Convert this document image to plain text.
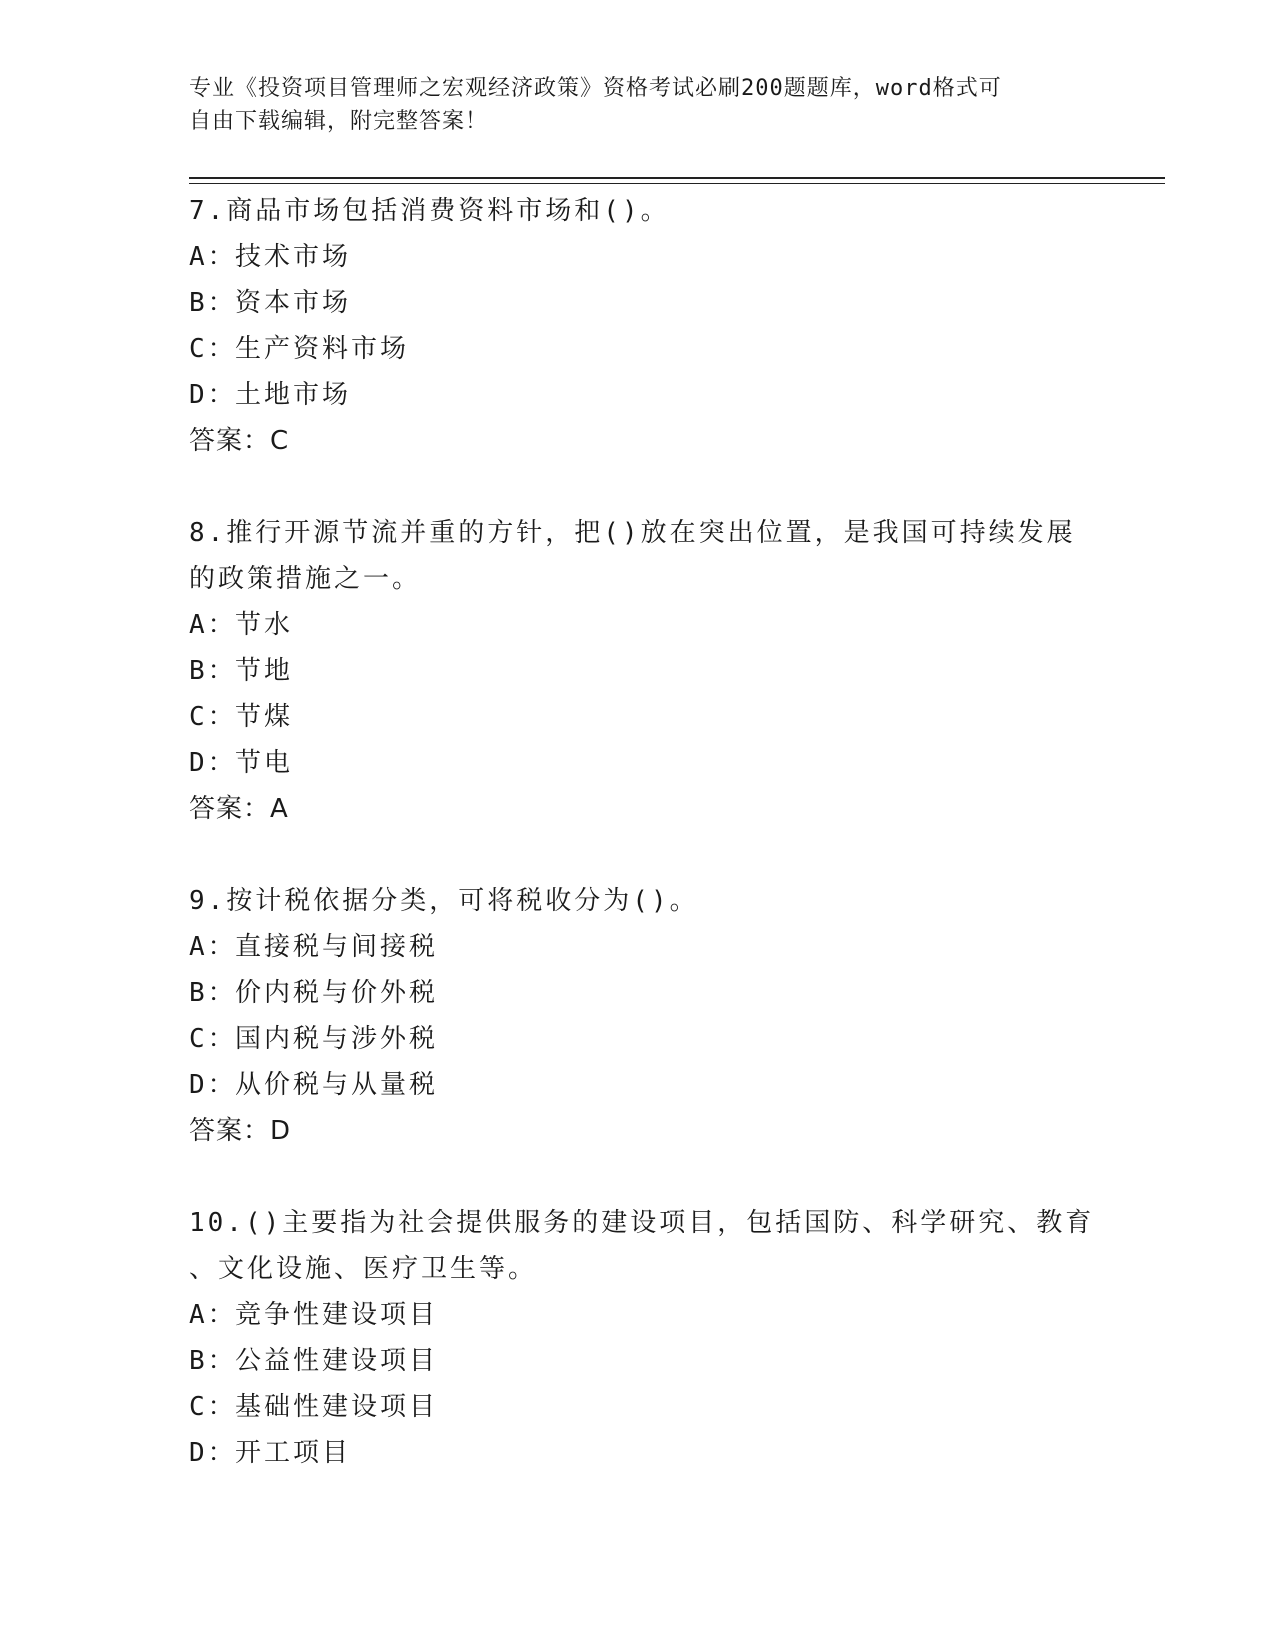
专业《投资项目管理师之宏观经济政策》资格考试必刷200题题库，word格式可
自由下载编辑，附完整答案！
7.商品市场包括消费资料市场和()。
A：技术市场
B：资本市场
C：生产资料市场
D：土地市场
答案：C
8.推行开源节流并重的方针，把()放在突出位置，是我国可持续发展
的政策措施之一。
A：节水
B：节地
C：节煤
D：节电
答案：A
9.按计税依据分类，可将税收分为()。
A：直接税与间接税
B：价内税与价外税
C：国内税与涉外税
D：从价税与从量税
答案：D
10.()主要指为社会提供服务的建设项目，包括国防、科学研究、教育
、文化设施、医疗卫生等。
A：竞争性建设项目
B：公益性建设项目
C：基础性建设项目
D：开工项目
